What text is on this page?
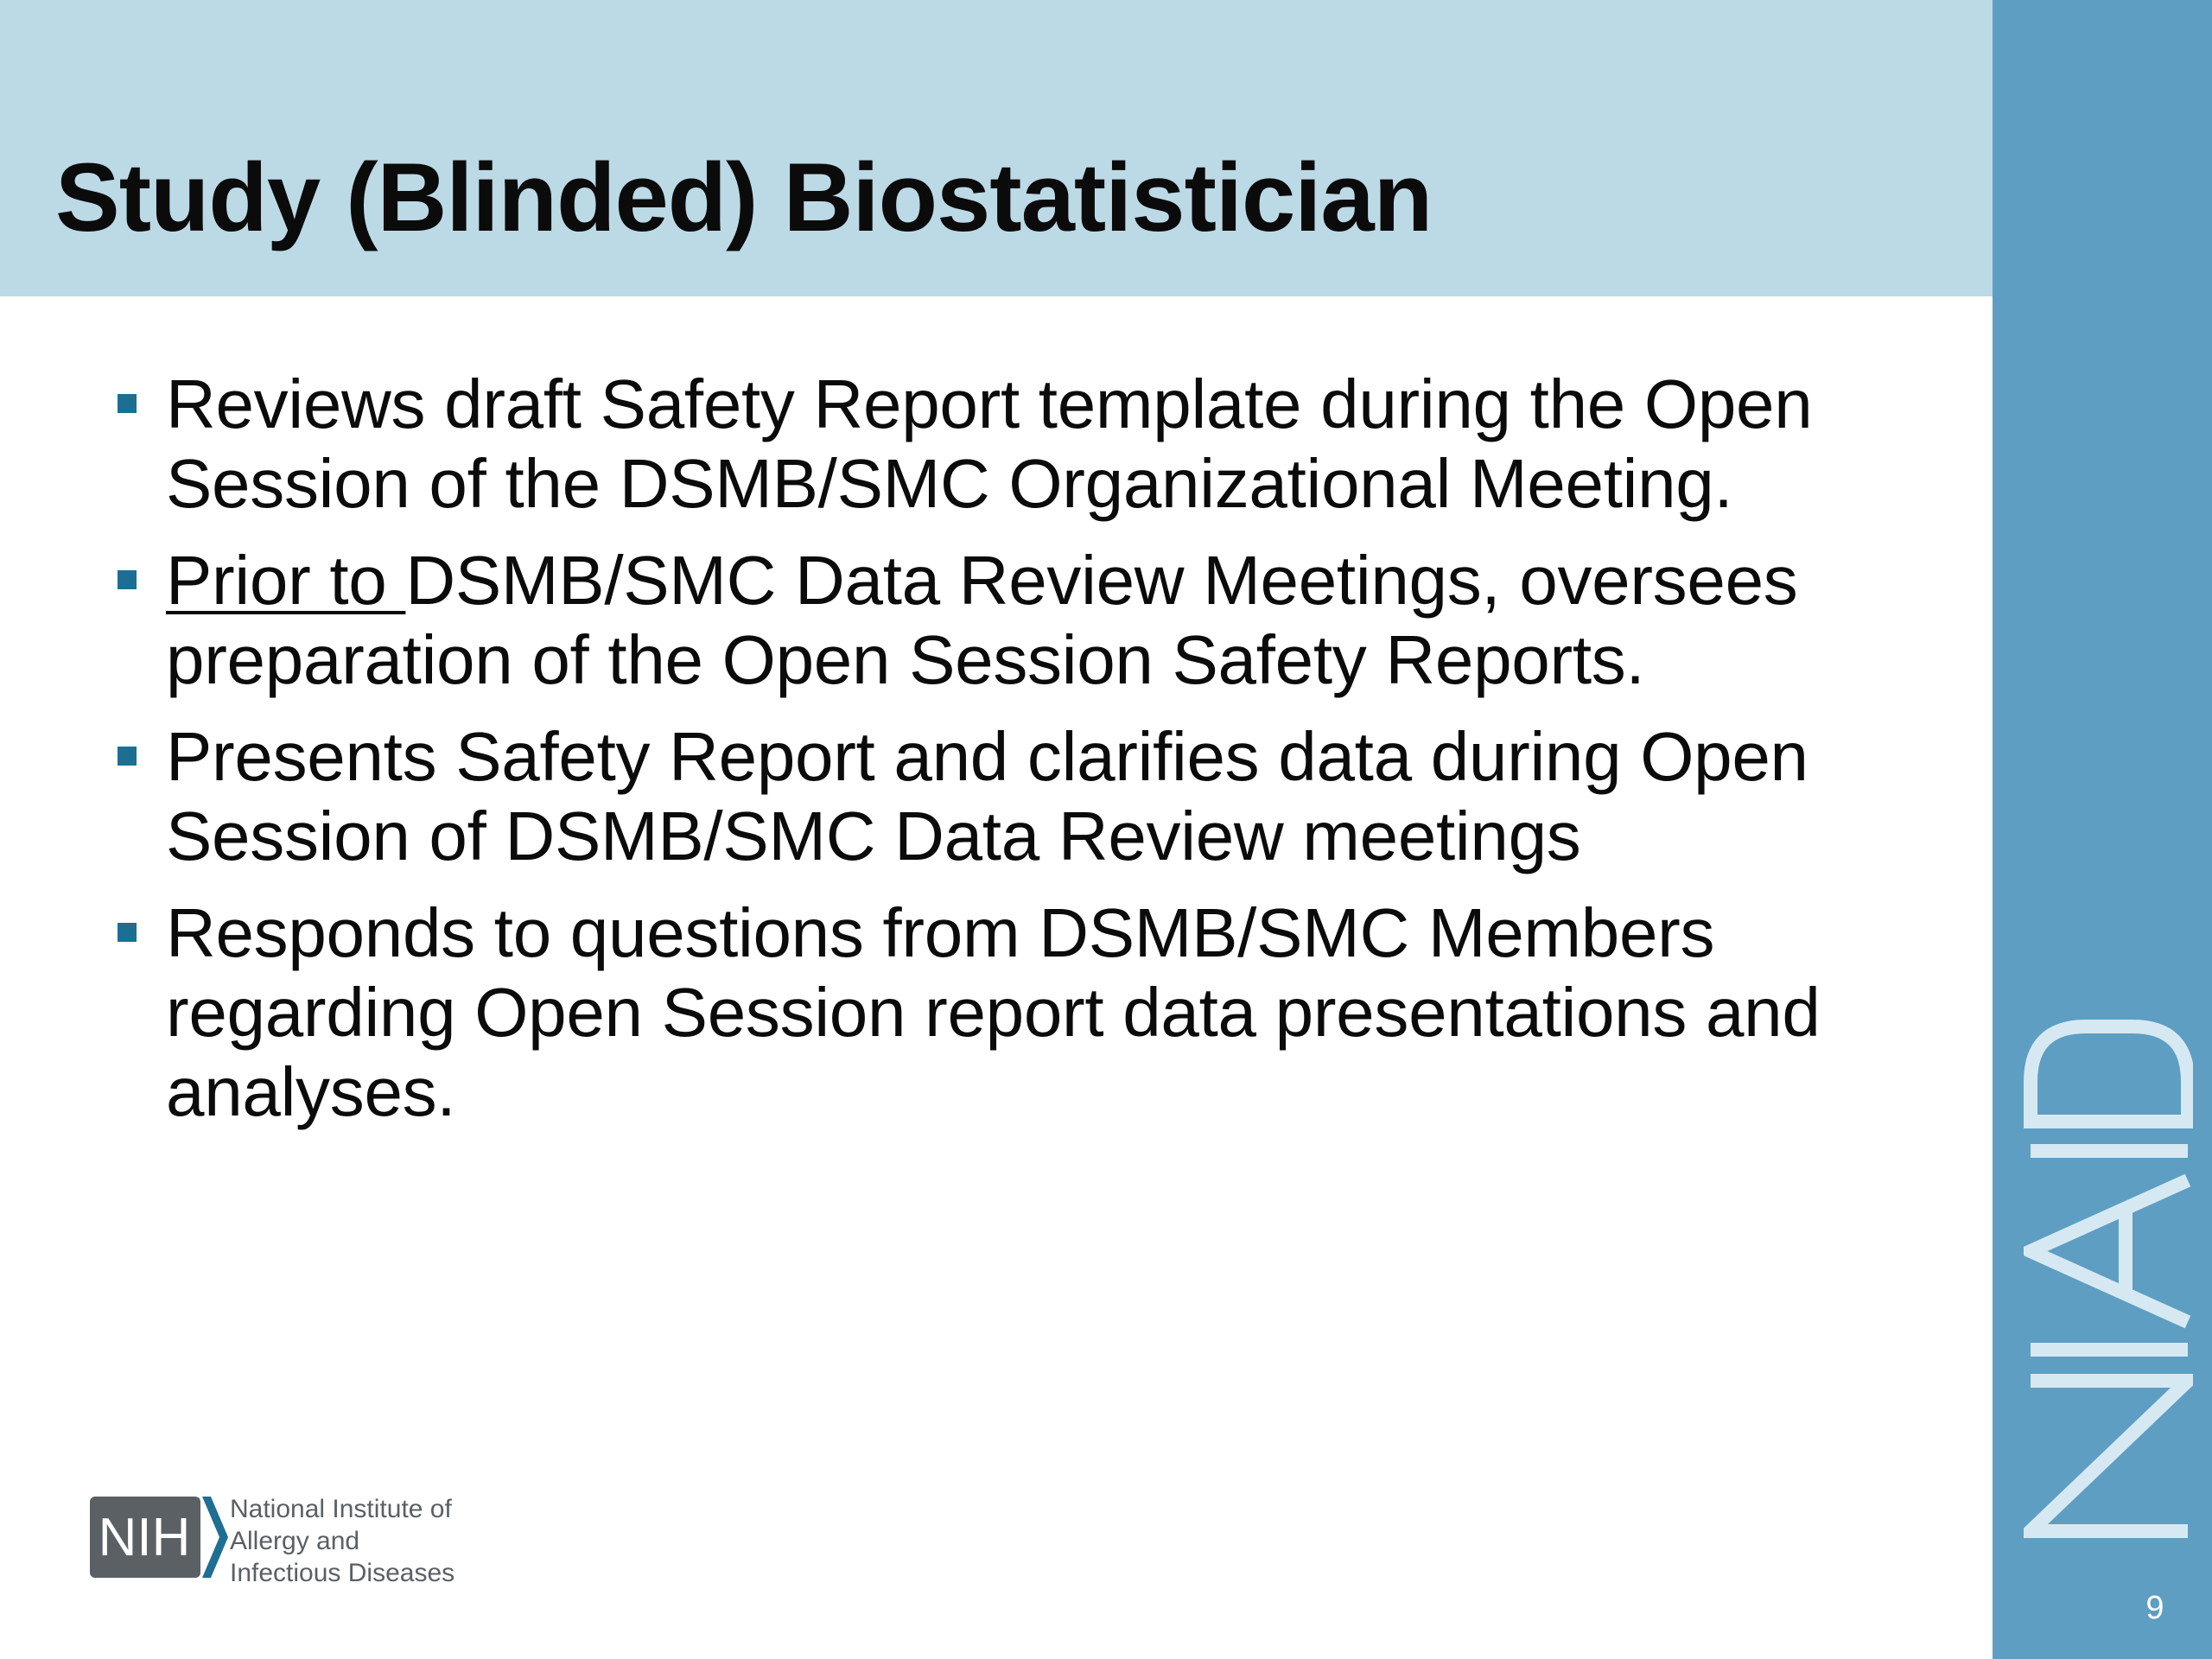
Study (Blinded) Biostatistician
9
Reviews draft Safety Report template during the Open Session of the DSMB/SMC Organizational Meeting.
Prior to DSMB/SMC Data Review Meetings, oversees preparation of the Open Session Safety Reports.
Presents Safety Report and clarifies data during Open Session of DSMB/SMC Data Review meetings
Responds to questions from DSMB/SMC Members regarding Open Session report data presentations and analyses.
NIH National Institute of
Allergy and
Infectious Diseases
